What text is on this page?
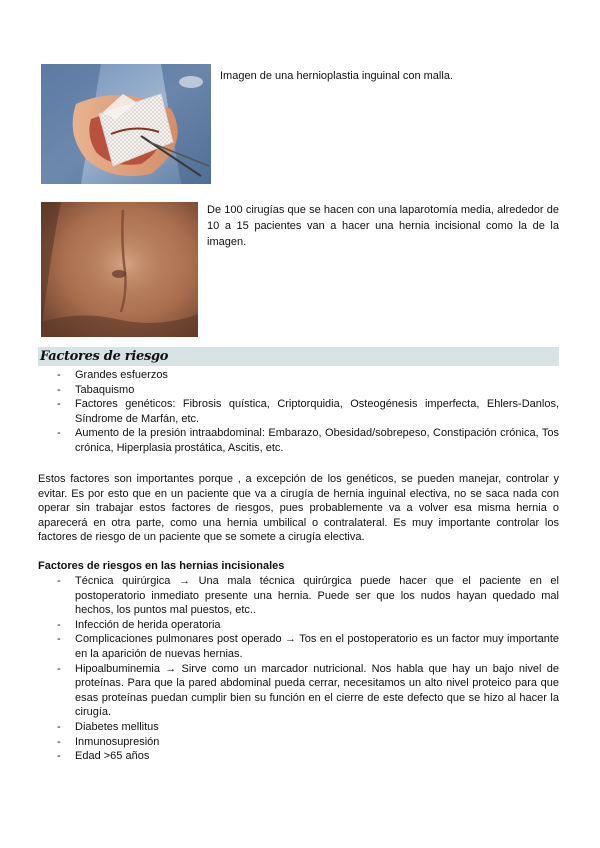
Imagen de una hernioplastia inguinal con malla.
De 100 cirugías que se hacen con una laparotomía media, alrededor de 10 a 15 pacientes van a hacer una hernia incisional como la de la imagen.
Factores de riesgo
- Grandes esfuerzos
- Tabaquismo
- Factores genéticos: Fibrosis quística, Criptorquidia, Osteogénesis imperfecta, Ehlers-Danlos, Síndrome de Marfán, etc.
- Aumento de la presión intraabdominal: Embarazo, Obesidad/sobrepeso, Constipación crónica, Tos crónica, Hiperplasia prostática, Ascitis, etc.
Estos factores son importantes porque , a excepción de los genéticos, se pueden manejar, controlar y evitar. Es por esto que en un paciente que va a cirugía de hernia inguinal electiva, no se saca nada con operar sin trabajar estos factores de riesgos, pues probablemente va a volver esa misma hernia o aparecerá en otra parte, como una hernia umbilical o contralateral. Es muy importante controlar los factores de riesgo de un paciente que se somete a cirugía electiva.
Factores de riesgos en las hernias incisionales
- Técnica quirúrgica → Una mala técnica quirúrgica puede hacer que el paciente en el postoperatorio inmediato presente una hernia. Puede ser que los nudos hayan quedado mal hechos, los puntos mal puestos, etc..
- Infección de herida operatoria
- Complicaciones pulmonares post operado → Tos en el postoperatorio es un factor muy importante en la aparición de nuevas hernias.
- Hipoalbuminemia → Sirve como un marcador nutricional. Nos habla que hay un bajo nivel de proteínas. Para que la pared abdominal pueda cerrar, necesitamos un alto nivel proteico para que esas proteínas puedan cumplir bien su función en el cierre de este defecto que se hizo al hacer la cirugía.
- Diabetes mellitus
- Inmunosupresión
- Edad >65 años
